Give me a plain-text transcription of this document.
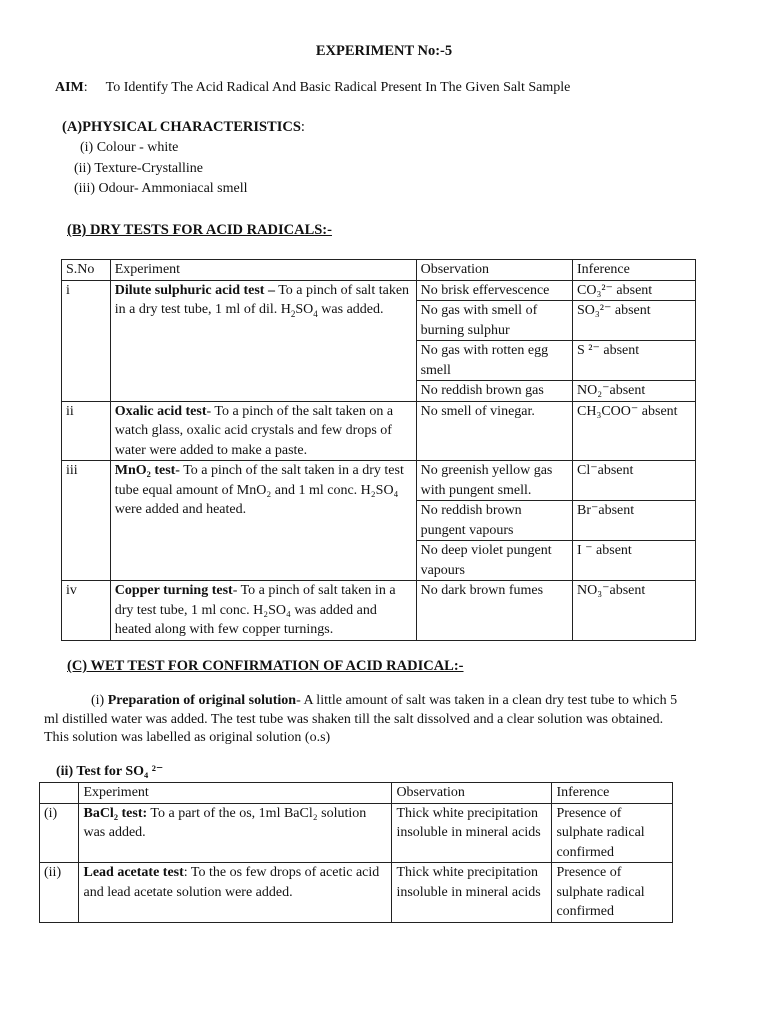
EXPERIMENT No:-5
AIM: To Identify The Acid Radical And Basic Radical Present In The Given Salt Sample
(A)PHYSICAL CHARACTERISTICS:
(i) Colour - white
(ii) Texture-Crystalline
(iii) Odour- Ammoniacal smell
(B) DRY TESTS FOR ACID RADICALS:-
S.No	Experiment	Observation	Inference
i	Dilute sulphuric acid test – To a pinch of salt taken in a dry test tube, 1 ml of dil. $H_2SO_4$ was added.	No brisk effervescence	CO₃²⁻ absent
		No gas with smell of burning sulphur	SO₃²⁻ absent
		No gas with rotten egg smell	S ²⁻ absent
		No reddish brown gas	NO₂⁻absent
ii	Oxalic acid test- To a pinch of the salt taken on a watch glass, oxalic acid crystals and few drops of water were added to make a paste.	No smell of vinegar.	CH₃COO⁻ absent
iii	MnO₂ test- To a pinch of the salt taken in a dry test tube equal amount of MnO₂ and 1 ml conc. H₂SO₄ were added and heated.	No greenish yellow gas with pungent smell.	Cl⁻absent
		No reddish brown pungent vapours	Br⁻absent
		No deep violet pungent vapours	I ⁻ absent
iv	Copper turning test- To a pinch of salt taken in a dry test tube, 1 ml conc. H₂SO₄ was added and heated along with few copper turnings.	No dark brown fumes	NO₃⁻absent
(C) WET TEST FOR CONFIRMATION OF ACID RADICAL:-
(i) Preparation of original solution- A little amount of salt was taken in a clean dry test tube to which 5 ml distilled water was added. The test tube was shaken till the salt dissolved and a clear solution was obtained. This solution was labelled as original solution (o.s)
(ii) Test for SO₄ ²⁻
	Experiment	Observation	Inference
(i)	BaCl₂ test: To a part of the os, 1ml BaCl₂ solution was added.	Thick white precipitation insoluble in mineral acids	Presence of sulphate radical confirmed
(ii)	Lead acetate test: To the os few drops of acetic acid and lead acetate solution were added.	Thick white precipitation insoluble in mineral acids	Presence of sulphate radical confirmed
